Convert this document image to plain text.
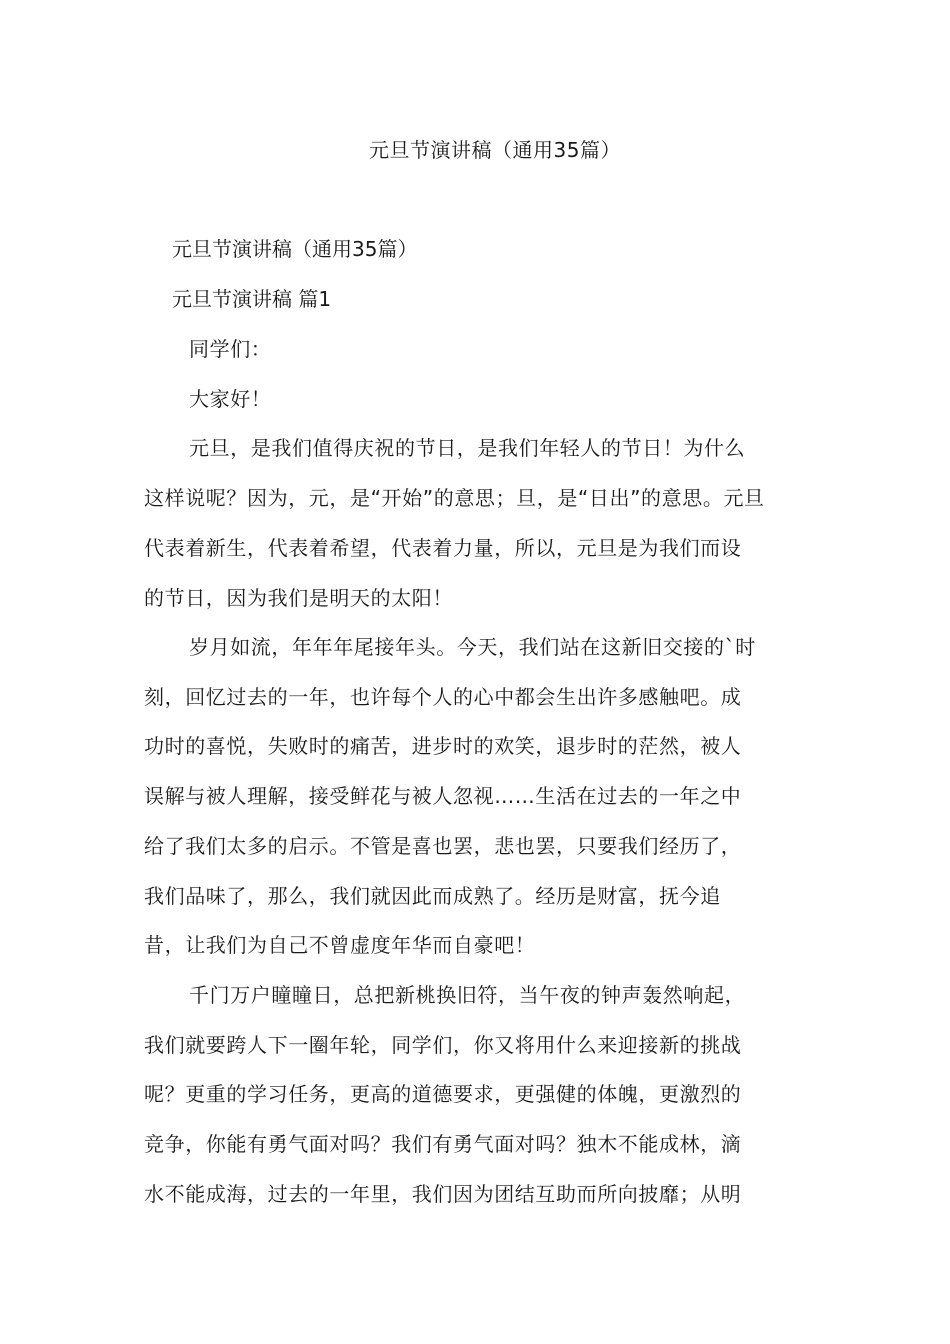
元旦节演讲稿（通用35篇）
元旦节演讲稿（通用35篇）
元旦节演讲稿 篇1
同学们：
大家好！
元旦，是我们值得庆祝的节日，是我们年轻人的节日！为什么
这样说呢？因为，元，是“开始”的意思；旦，是“日出”的意思。元旦
代表着新生，代表着希望，代表着力量，所以，元旦是为我们而设
的节日，因为我们是明天的太阳！
岁月如流，年年年尾接年头。今天，我们站在这新旧交接的`时
刻，回忆过去的一年，也许每个人的心中都会生出许多感触吧。成
功时的喜悦，失败时的痛苦，进步时的欢笑，退步时的茫然，被人
误解与被人理解，接受鲜花与被人忽视……生活在过去的一年之中
给了我们太多的启示。不管是喜也罢，悲也罢，只要我们经历了，
我们品味了，那么，我们就因此而成熟了。经历是财富，抚今追
昔，让我们为自己不曾虚度年华而自豪吧！
千门万户瞳瞳日，总把新桃换旧符，当午夜的钟声轰然响起，
我们就要跨人下一圈年轮，同学们，你又将用什么来迎接新的挑战
呢？更重的学习任务，更高的道德要求，更强健的体魄，更激烈的
竞争，你能有勇气面对吗？我们有勇气面对吗？独木不能成林，滴
水不能成海，过去的一年里，我们因为团结互助而所向披靡；从明
